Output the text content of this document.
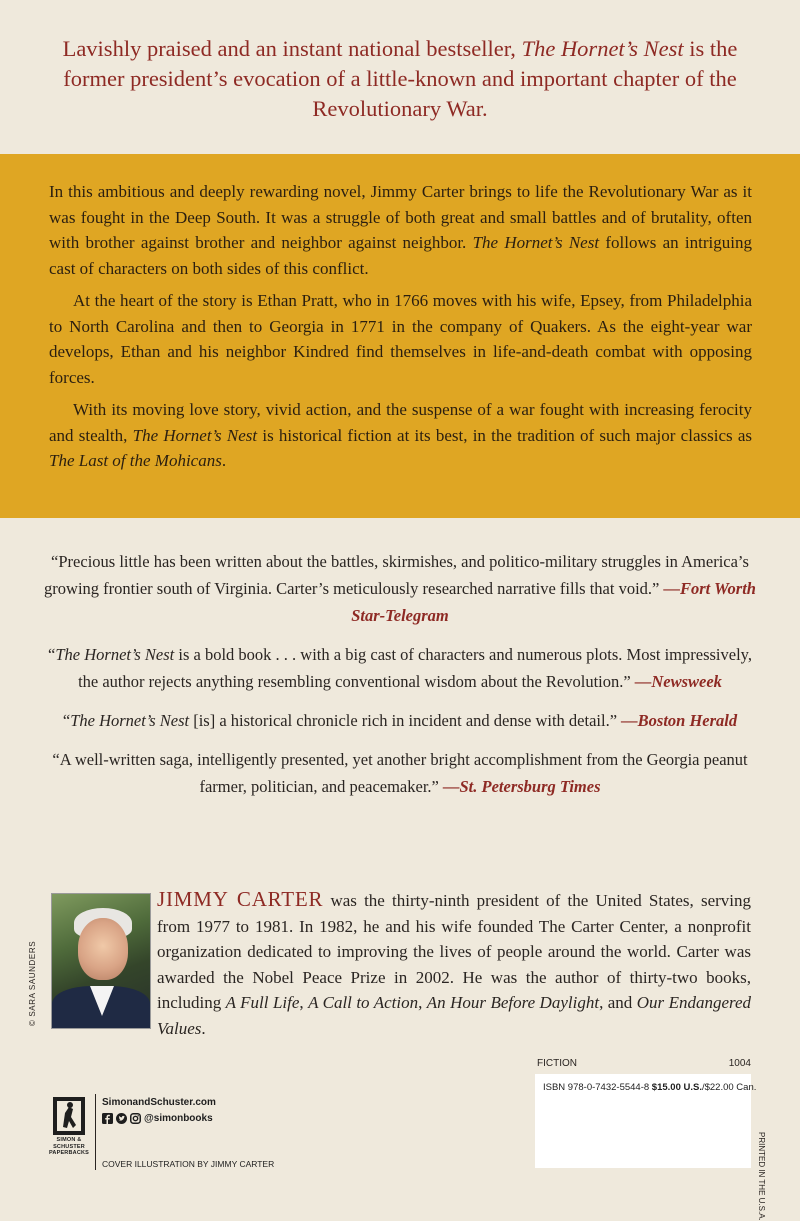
Lavishly praised and an instant national bestseller, The Hornet’s Nest is the former president’s evocation of a little-known and important chapter of the Revolutionary War.

In this ambitious and deeply rewarding novel, Jimmy Carter brings to life the Revolutionary War as it was fought in the Deep South. It was a struggle of both great and small battles and of brutality, often with brother against brother and neighbor against neighbor. The Hornet’s Nest follows an intriguing cast of characters on both sides of this conflict.

At the heart of the story is Ethan Pratt, who in 1766 moves with his wife, Epsey, from Philadelphia to North Carolina and then to Georgia in 1771 in the company of Quakers. As the eight-year war develops, Ethan and his neighbor Kindred find themselves in life-and-death combat with opposing forces.

With its moving love story, vivid action, and the suspense of a war fought with increasing ferocity and stealth, The Hornet’s Nest is historical fiction at its best, in the tradition of such major classics as The Last of the Mohicans.

“Precious little has been written about the battles, skirmishes, and politico-military struggles in America’s growing frontier south of Virginia. Carter’s meticulously researched narrative fills that void.” —Fort Worth Star-Telegram
“The Hornet’s Nest is a bold book . . . with a big cast of characters and numerous plots. Most impressively, the author rejects anything resembling conventional wisdom about the Revolution.” —Newsweek
“The Hornet’s Nest [is] a historical chronicle rich in incident and dense with detail.” —Boston Herald
“A well-written saga, intelligently presented, yet another bright accomplishment from the Georgia peanut farmer, politician, and peacemaker.” —St. Petersburg Times
© SARA SAUNDERS
JIMMY CARTER was the thirty-ninth president of the United States, serving from 1977 to 1981. In 1982, he and his wife founded The Carter Center, a nonprofit organization dedicated to improving the lives of people around the world. Carter was awarded the Nobel Peace Prize in 2002. He was the author of thirty-two books, including A Full Life, A Call to Action, An Hour Before Daylight, and Our Endangered Values.
FICTION	1004
ISBN 978-0-7432-5544-8 $15.00 U.S./$22.00 Can.
PRINTED IN THE U.S.A.
SIMON & SCHUSTER PAPERBACKS
SimonandSchuster.com
@simonbooks
COVER ILLUSTRATION BY JIMMY CARTER
